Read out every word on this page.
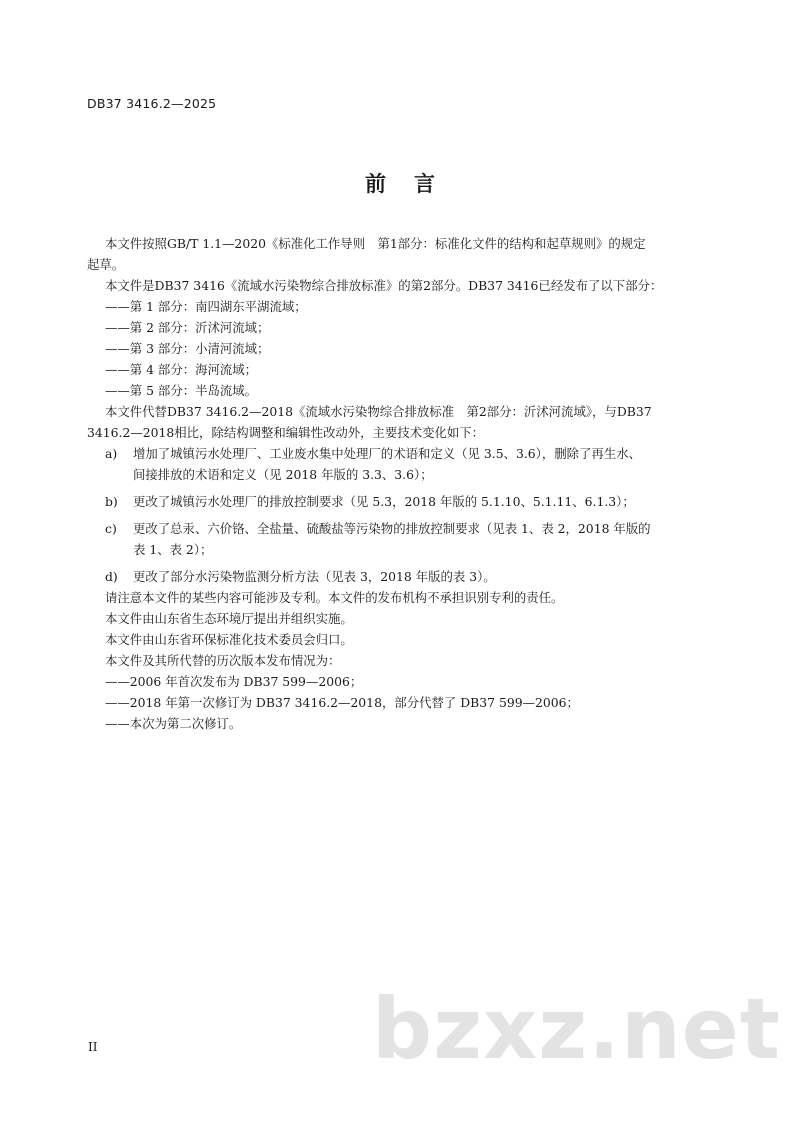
DB37 3416.2—2025
前言
本文件按照GB/T 1.1—2020《标准化工作导则　第1部分：标准化文件的结构和起草规则》的规定
起草。
本文件是DB37 3416《流域水污染物综合排放标准》的第2部分。DB37 3416已经发布了以下部分：
——第 1 部分：南四湖东平湖流域；
——第 2 部分：沂沭河流域；
——第 3 部分：小清河流域；
——第 4 部分：海河流域；
——第 5 部分：半岛流域。
本文件代替DB37 3416.2—2018《流域水污染物综合排放标准　第2部分：沂沭河流域》，与DB37
3416.2—2018相比，除结构调整和编辑性改动外，主要技术变化如下：
a) 增加了城镇污水处理厂、工业废水集中处理厂的术语和定义（见 3.5、3.6），删除了再生水、
间接排放的术语和定义（见 2018 年版的 3.3、3.6）；
b) 更改了城镇污水处理厂的排放控制要求（见 5.3，2018 年版的 5.1.10、5.1.11、6.1.3）；
c) 更改了总汞、六价铬、全盐量、硫酸盐等污染物的排放控制要求（见表 1、表 2，2018 年版的
表 1、表 2）；
d) 更改了部分水污染物监测分析方法（见表 3，2018 年版的表 3）。
请注意本文件的某些内容可能涉及专利。本文件的发布机构不承担识别专利的责任。
本文件由山东省生态环境厅提出并组织实施。
本文件由山东省环保标准化技术委员会归口。
本文件及其所代替的历次版本发布情况为：
——2006 年首次发布为 DB37 599—2006；
——2018 年第一次修订为 DB37 3416.2—2018，部分代替了 DB37 599—2006；
——本次为第二次修订。
bzxz.net
II
